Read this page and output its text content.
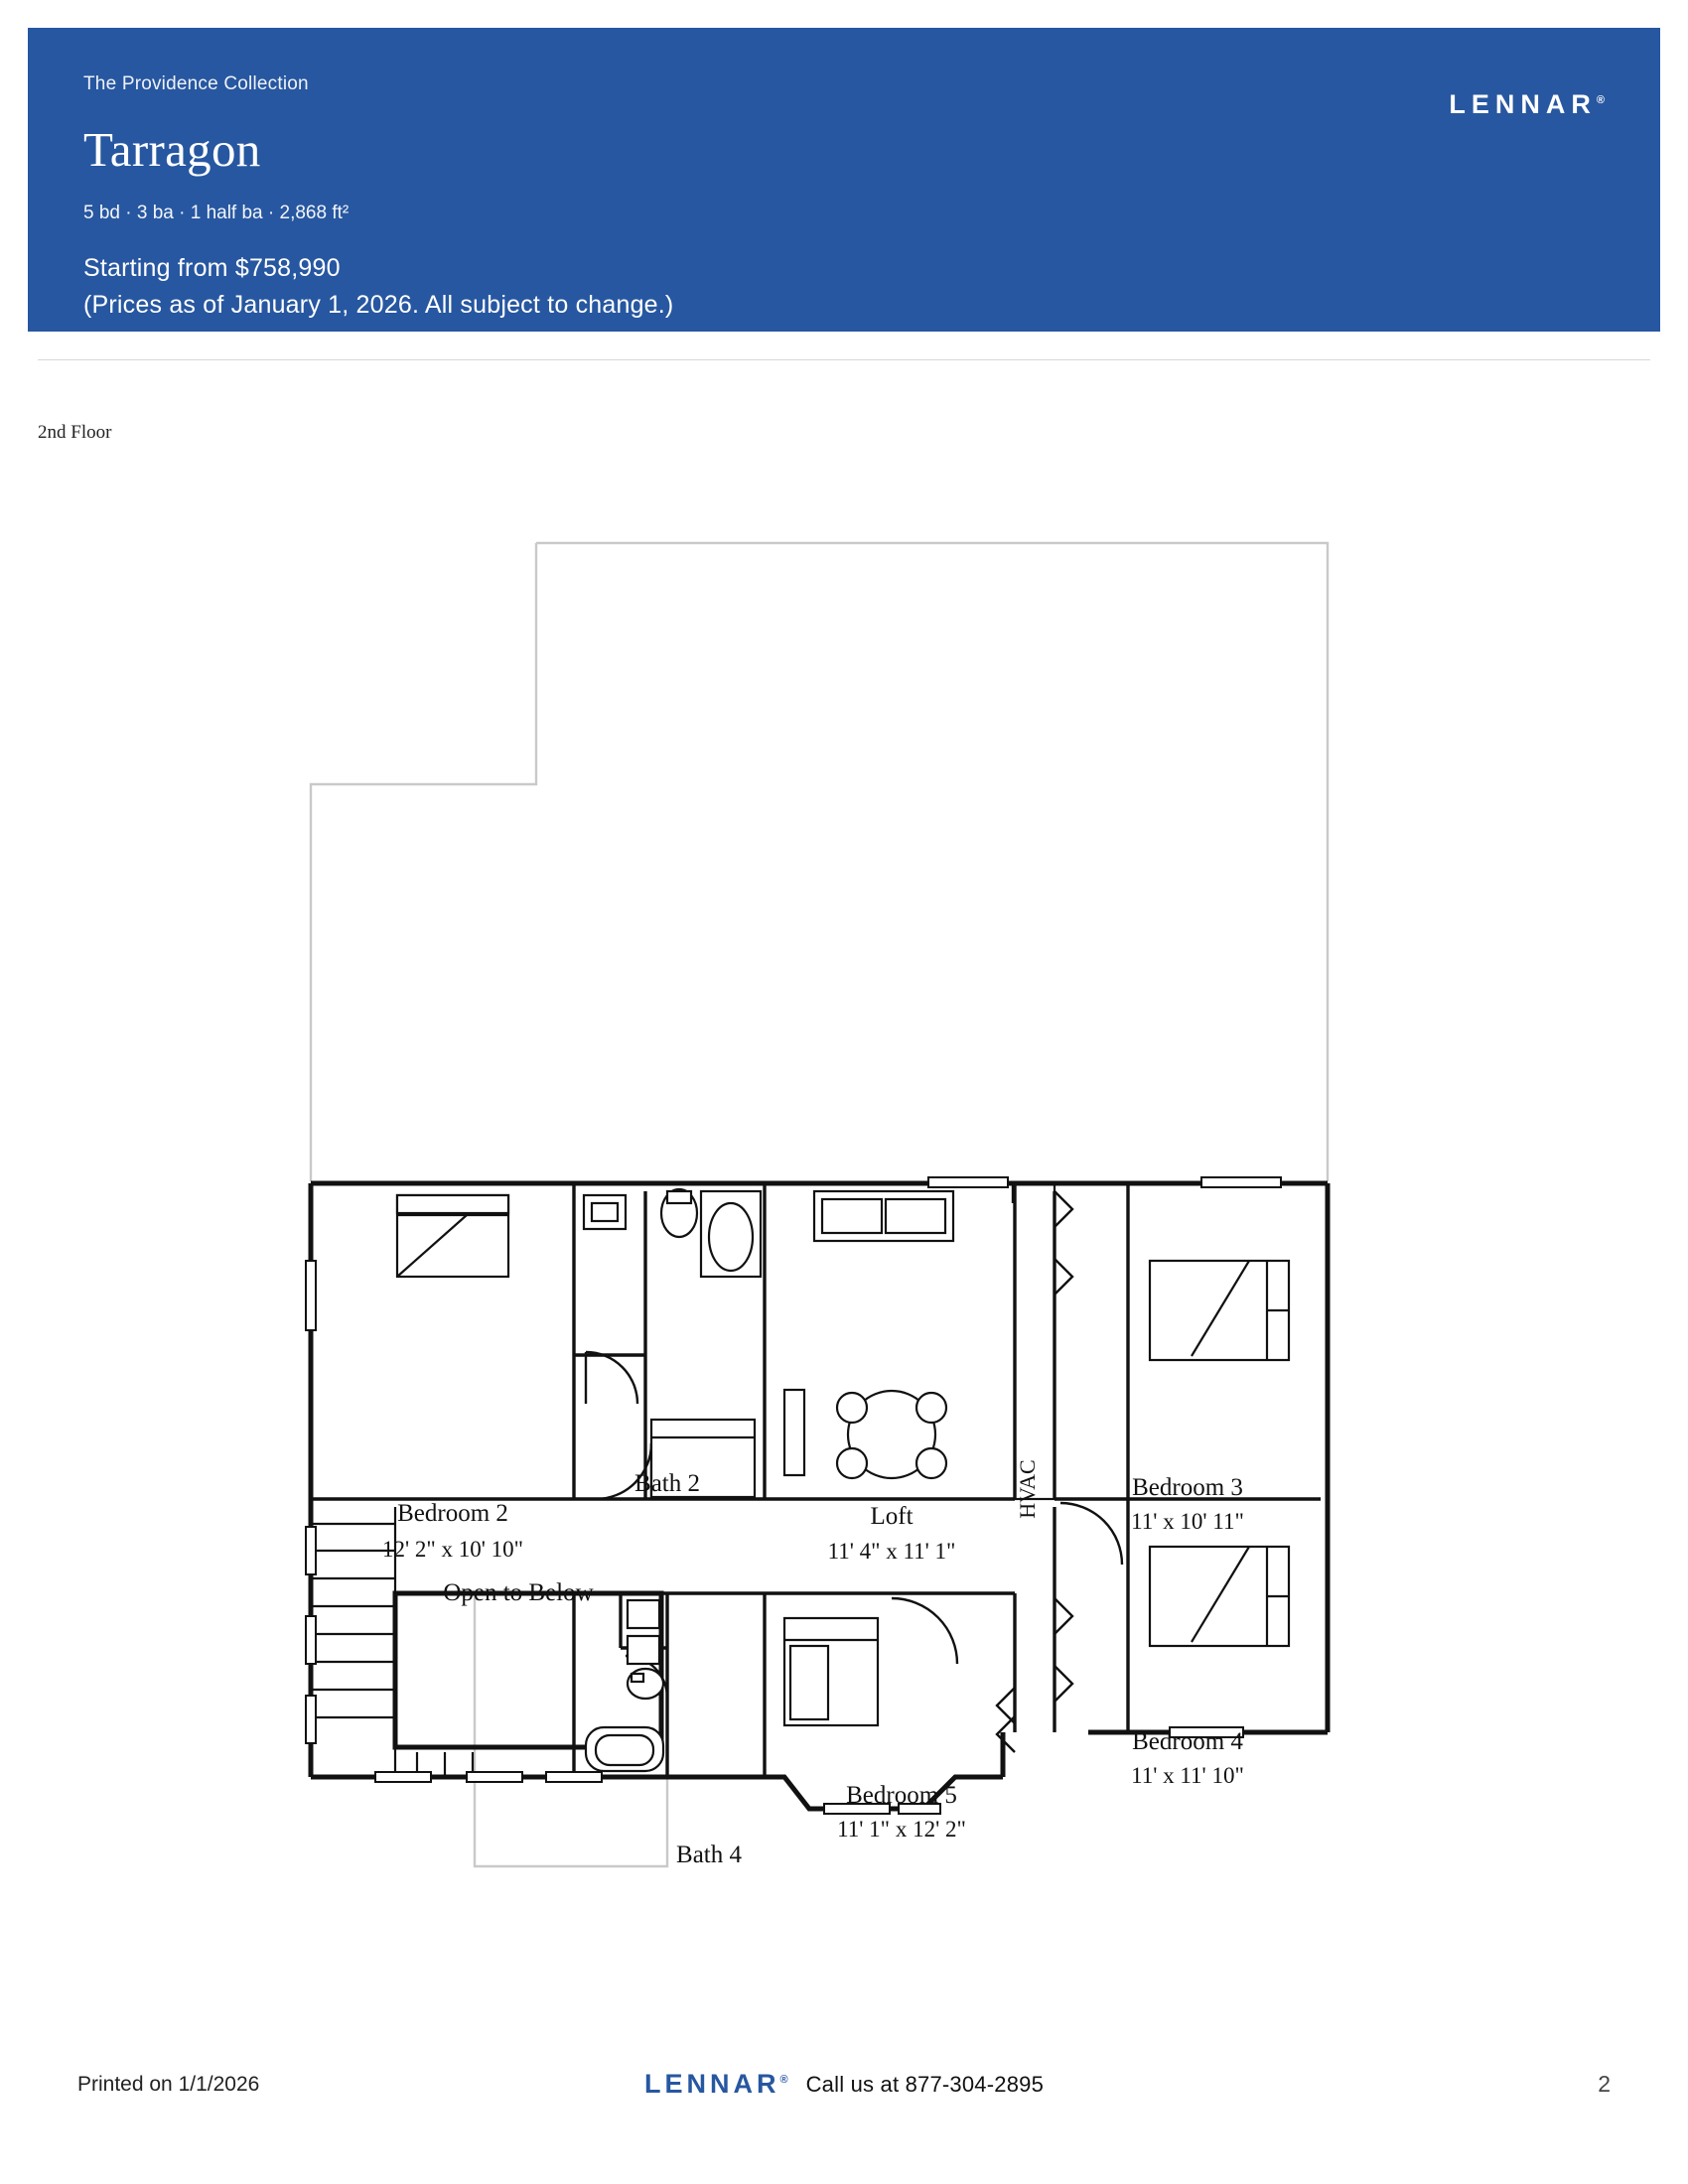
The Providence Collection
Tarragon
5 bd · 3 ba · 1 half ba · 2,868 ft²
Starting from $758,990
(Prices as of January 1, 2026. All subject to change.)
LENNAR®
2nd Floor
Bedroom 2
12' 2" x 10' 10"
Bath 2
Loft
11' 4" x 11' 1"
HVAC	Bedroom 3
11' x 10' 11"
Bedroom 4
11' x 11' 10"
Bedroom 5
11' 1" x 12' 2"
Bath 4
Open to Below
Printed on 1/1/2026	LENNAR® Call us at 877-304-2895	2
